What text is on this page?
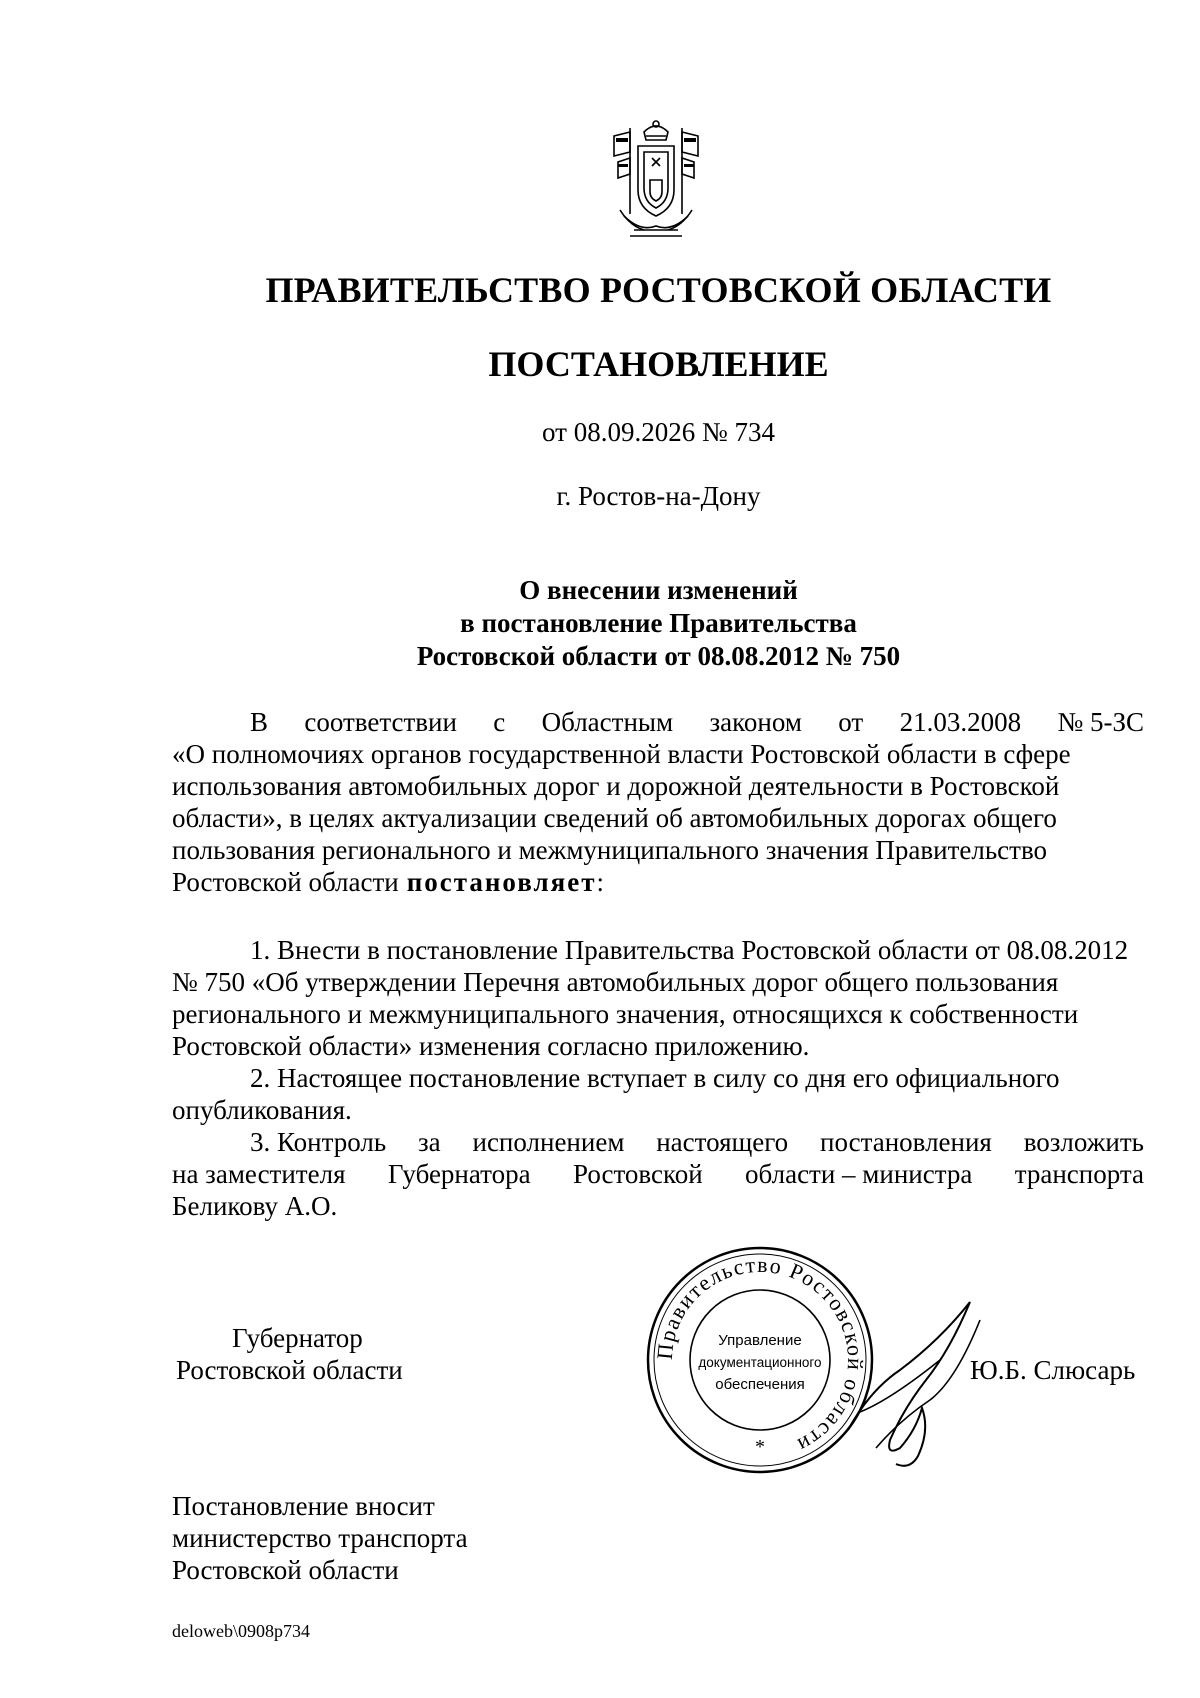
ПРАВИТЕЛЬСТВО РОСТОВСКОЙ ОБЛАСТИ
ПОСТАНОВЛЕНИЕ
от 08.09.2026 № 734
г. Ростов-на-Дону
О внесении изменений
в постановление Правительства
Ростовской области от 08.08.2012 № 750
В соответствии с Областным законом от 21.03.2008 № 5-ЗС
«О полномочиях органов государственной власти Ростовской области в сфере
использования автомобильных дорог и дорожной деятельности в Ростовской
области», в целях актуализации сведений об автомобильных дорогах общего
пользования регионального и межмуниципального значения Правительство
Ростовской области постановляет :
1. Внести в постановление Правительства Ростовской области от 08.08.2012
№ 750 «Об утверждении Перечня автомобильных дорог общего пользования
регионального и межмуниципального значения, относящихся к собственности
Ростовской области» изменения согласно приложению.
2. Настоящее постановление вступает в силу со дня его официального
опубликования.
3. Контроль за исполнением настоящего постановления возложить
на заместителя Губернатора Ростовской области – министра транспорта
Беликову А.О.
Губернатор
Ростовской области
Правительство Ростовской области
Управление
документационного
обеспечения
*
Ю.Б. Слюсарь
Постановление вносит
министерство транспорта
Ростовской области
deloweb\0908p734
